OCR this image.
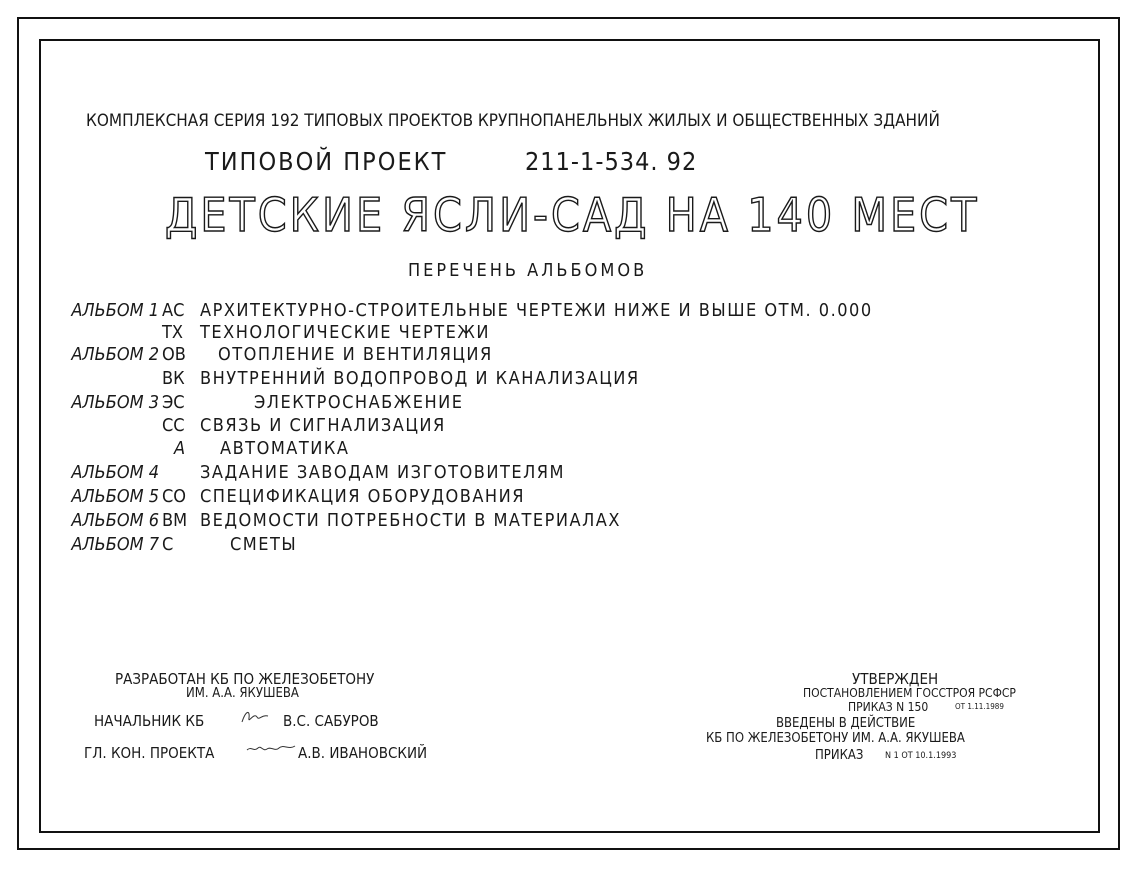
КОМПЛЕКСНАЯ СЕРИЯ 192 ТИПОВЫХ ПРОЕКТОВ КРУПНОПАНЕЛЬНЫХ ЖИЛЫХ И ОБЩЕСТВЕННЫХ ЗДАНИЙ
ТИПОВОЙ ПРОЕКТ	211-1-534. 92
ДЕТСКИЕ ЯСЛИ-САД НА 140 МЕСТ
ПЕРЕЧЕНЬ АЛЬБОМОВ
АЛЬБОМ 1 АС АРХИТЕКТУРНО-СТРОИТЕЛЬНЫЕ ЧЕРТЕЖИ НИЖЕ И ВЫШЕ ОТМ. 0.000
ТХ ТЕХНОЛОГИЧЕСКИЕ ЧЕРТЕЖИ
АЛЬБОМ 2 ОВ	ОТОПЛЕНИЕ И ВЕНТИЛЯЦИЯ
ВК ВНУТРЕННИЙ ВОДОПРОВОД И КАНАЛИЗАЦИЯ
АЛЬБОМ 3 ЭС	ЭЛЕКТРОСНАБЖЕНИЕ
СС СВЯЗЬ И СИГНАЛИЗАЦИЯ
А	АВТОМАТИКА
АЛЬБОМ 4 ЗАДАНИЕ ЗАВОДАМ ИЗГОТОВИТЕЛЯМ
АЛЬБОМ 5 СО СПЕЦИФИКАЦИЯ ОБОРУДОВАНИЯ
АЛЬБОМ 6 ВМ ВЕДОМОСТИ ПОТРЕБНОСТИ В МАТЕРИАЛАХ
АЛЬБОМ 7 С	СМЕТЫ
РАЗРАБОТАН КБ ПО ЖЕЛЕЗОБЕТОНУ
ИМ. А.А. ЯКУШЕВА
НАЧАЛЬНИК КБ	В.С. САБУРОВ
ГЛ. КОН. ПРОЕКТА	А.В. ИВАНОВСКИЙ
УТВЕРЖДЕН
ПОСТАНОВЛЕНИЕМ ГОССТРОЯ РСФСР
ПРИКАЗ N 150	ОТ 1.11.1989
ВВЕДЕНЫ В ДЕЙСТВИЕ
КБ ПО ЖЕЛЕЗОБЕТОНУ ИМ. А.А. ЯКУШЕВА
ПРИКАЗ N 1 ОТ 10.1.1993
